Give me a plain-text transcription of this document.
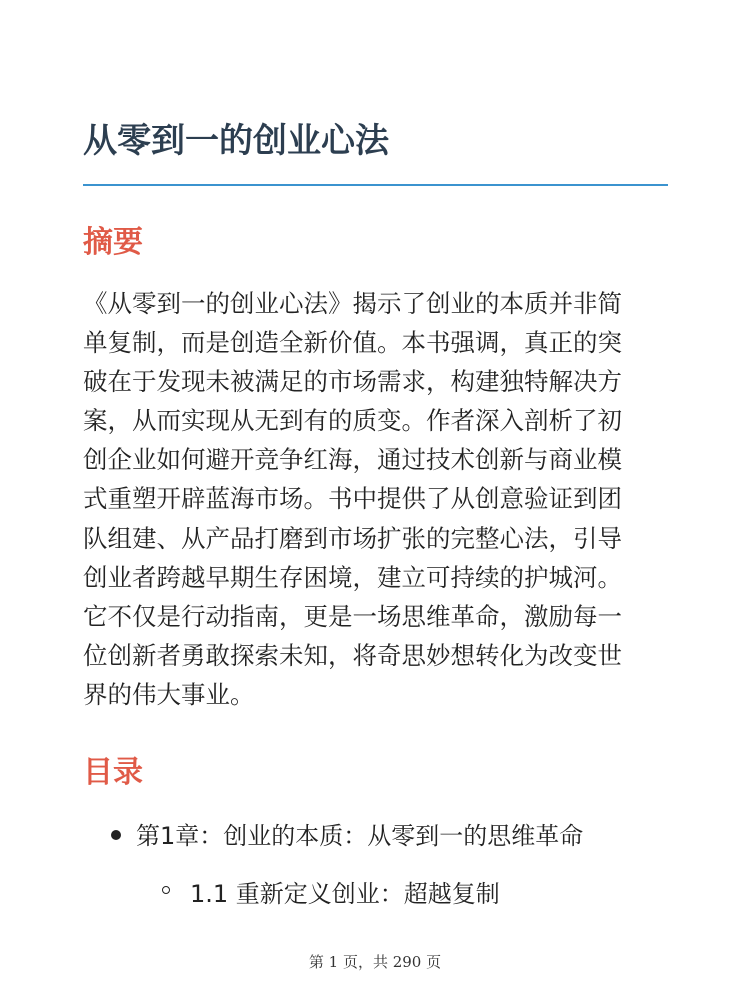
从零到一的创业心法
摘要

《从零到一的创业心法》揭示了创业的本质并非简
单复制，而是创造全新价值。本书强调，真正的突
破在于发现未被满足的市场需求，构建独特解决方
案，从而实现从无到有的质变。作者深入剖析了初
创企业如何避开竞争红海，通过技术创新与商业模
式重塑开辟蓝海市场。书中提供了从创意验证到团
队组建、从产品打磨到市场扩张的完整心法，引导
创业者跨越早期生存困境，建立可持续的护城河。
它不仅是行动指南，更是一场思维革命，激励每一
位创新者勇敢探索未知，将奇思妙想转化为改变世
界的伟大事业。

目录

第1章：创业的本质：从零到一的思维革命

1.1 重新定义创业：超越复制

第 1 页，共 290 页
